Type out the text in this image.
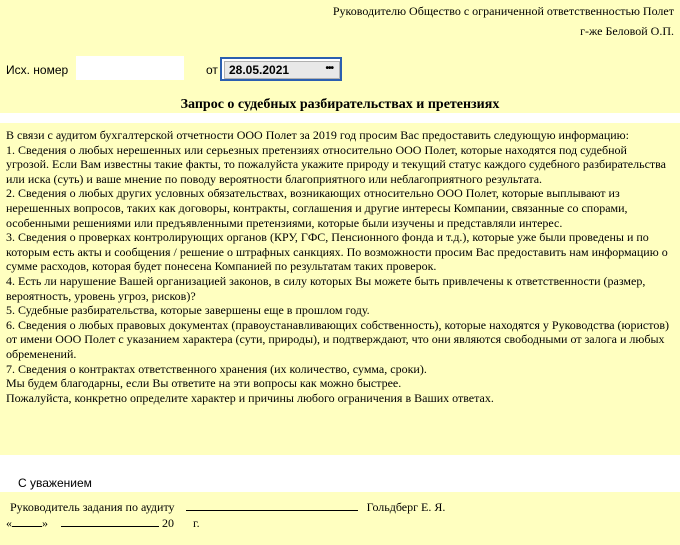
Руководителю Общество с ограниченной ответственностью Полет
г-же Беловой О.П.
Исх. номер	от 28.05.2021	•••
Запрос о судебных разбирательствах и претензиях
В связи с аудитом бухгалтерской отчетности ООО Полет за 2019 год просим Вас предоставить следующую информацию:
1. Сведения о любых нерешенных или серьезных претензиях относительно ООО Полет, которые находятся под судебной угрозой. Если Вам известны такие факты, то пожалуйста укажите природу и текущий статус каждого судебного разбирательства или иска (суть) и ваше мнение по поводу вероятности благоприятного или неблагоприятного результата.
2. Сведения о любых других условных обязательствах, возникающих относительно ООО Полет, которые выплывают из нерешенных вопросов, таких как договоры, контракты, соглашения и другие интересы Компании, связанные со спорами, особенными решениями или предъявленными претензиями, которые были изучены и представляли интерес.
3. Сведения о проверках контролирующих органов (КРУ, ГФС, Пенсионного фонда и т.д.), которые уже были проведены и по которым есть акты и сообщения / решение о штрафных санкциях. По возможности просим Вас предоставить нам информацию о сумме расходов, которая будет понесена Компанией по результатам таких проверок.
4. Есть ли нарушение Вашей организацией законов, в силу которых Вы можете быть привлечены к ответственности (размер, вероятность, уровень угроз, рисков)?
5. Судебные разбирательства, которые завершены еще в прошлом году.
6. Сведения о любых правовых документах (правоустанавливающих собственность), которые находятся у Руководства (юристов) от имени ООО Полет с указанием характера (сути, природы), и подтверждают, что они являются свободными от залога и любых обременений.
7. Сведения о контрактах ответственного хранения (их количество, сумма, сроки).
Мы будем благодарны, если Вы ответите на эти вопросы как можно быстрее.
Пожалуйста, конкретно определите характер и причины любого ограничения в Ваших ответах.
С уважением
Руководитель задания по аудиту	Гольдберг Е. Я.
«	»	20 г.
